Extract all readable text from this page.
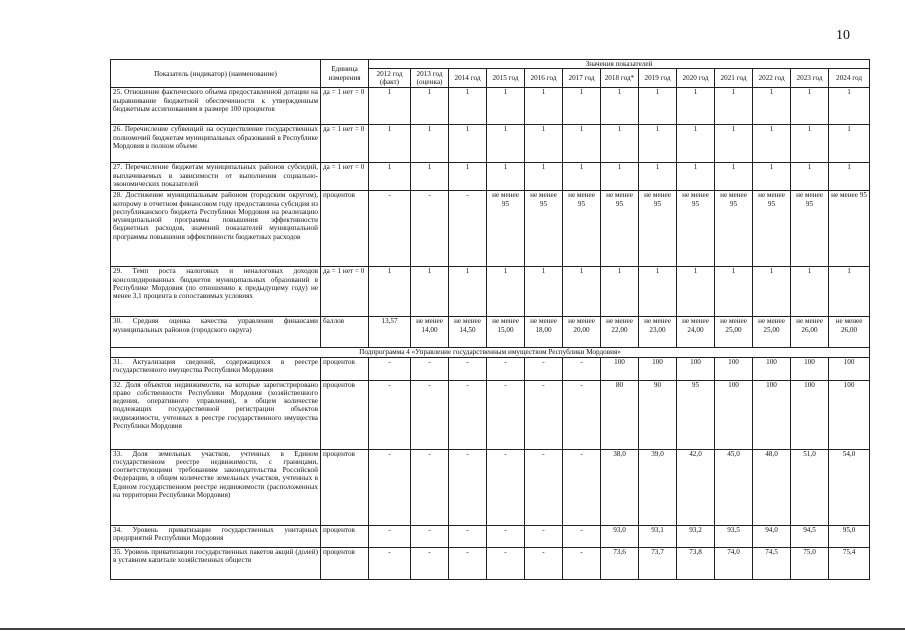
10
Показатель (индикатор) (наименование)	Единица измерения	Значения показателей												
		2012 год (факт)	2013 год (оценка)	2014 год	2015 год	2016 год	2017 год	2018 год*	2019 год	2020 год	2021 год	2022 год	2023 год	2024 год
25. Отношение фактического объема предоставленной дотации на выравнивание бюджетной обеспеченности к утвержденным бюджетным ассигнованиям в размере 100 процентов	да = 1 нет = 0	1	1	1	1	1	1	1	1	1	1	1	1	1
26. Перечисление субвенций на осуществление государственных полномочий бюджетам муниципальных образований в Республике Мордовия в полном объеме	да = 1 нет = 0	1	1	1	1	1	1	1	1	1	1	1	1	1
27. Перечисление бюджетам муниципальных районов субсидий, выплачиваемых в зависимости от выполнения социально-экономических показателей	да = 1 нет = 0	1	1	1	1	1	1	1	1	1	1	1	1	1
28. Достижение муниципальным районом (городским округом), которому в отчетном финансовом году предоставлена субсидия из республиканского бюджета Республики Мордовия на реализацию муниципальной программы повышения эффективности бюджетных расходов, значений показателей муниципальной программы повышения эффективности бюджетных расходов	процентов	-	-	-	не менее 95	не менее 95	не менее 95	не менее 95	не менее 95	не менее 95	не менее 95	не менее 95	не менее 95	не менее 95
29. Темп роста налоговых и неналоговых доходов консолидированных бюджетов муниципальных образований в Республике Мордовия (по отношению к предыдущему году) не менее 3,1 процента в сопоставимых условиях	да = 1 нет = 0	1	1	1	1	1	1	1	1	1	1	1	1	1
30. Средняя оценка качества управления финансами муниципальных районов (городского округа)	баллов	13,57	не менее 14,00	не менее 14,50	не менее 15,00	не менее 18,00	не менее 20,00	не менее 22,00	не менее 23,00	не менее 24,00	не менее 25,00	не менее 25,00	не менее 26,00	не менее 26,00
Подпрограмма 4 «Управление государственным имуществом Республики Мордовия»														
31. Актуализация сведений, содержащихся в реестре государственного имущества Республики Мордовия	процентов	-	-	-	-	-	-	100	100	100	100	100	100	100
32. Доля объектов недвижимости, на которые зарегистрировано право собственности Республики Мордовия (хозяйственного ведения, оперативного управления), в общем количестве подлежащих государственной регистрации объектов недвижимости, учтенных в реестре государственного имущества Республики Мордовия	процентов	-	-	-	-	-	-	80	90	95	100	100	100	100
33. Доля земельных участков, учтенных в Едином государственном реестре недвижимости, с границами, соответствующими требованиям законодательства Российской Федерации, в общем количестве земельных участков, учтенных в Едином государственном реестре недвижимости (расположенных на территории Республики Мордовия)	процентов	-	-	-	-	-	-	38,0	39,0	42,0	45,0	48,0	51,0	54,0
34. Уровень приватизации государственных унитарных предприятий Республики Мордовия	процентов	-	-	-	-	-	-	93,0	93,1	93,2	93,5	94,0	94,5	95,0
35. Уровень приватизации государственных пакетов акций (долей) в уставном капитале хозяйственных обществ	процентов	-	-	-	-	-	-	73,6	73,7	73,8	74,0	74,5	75,0	75,4
